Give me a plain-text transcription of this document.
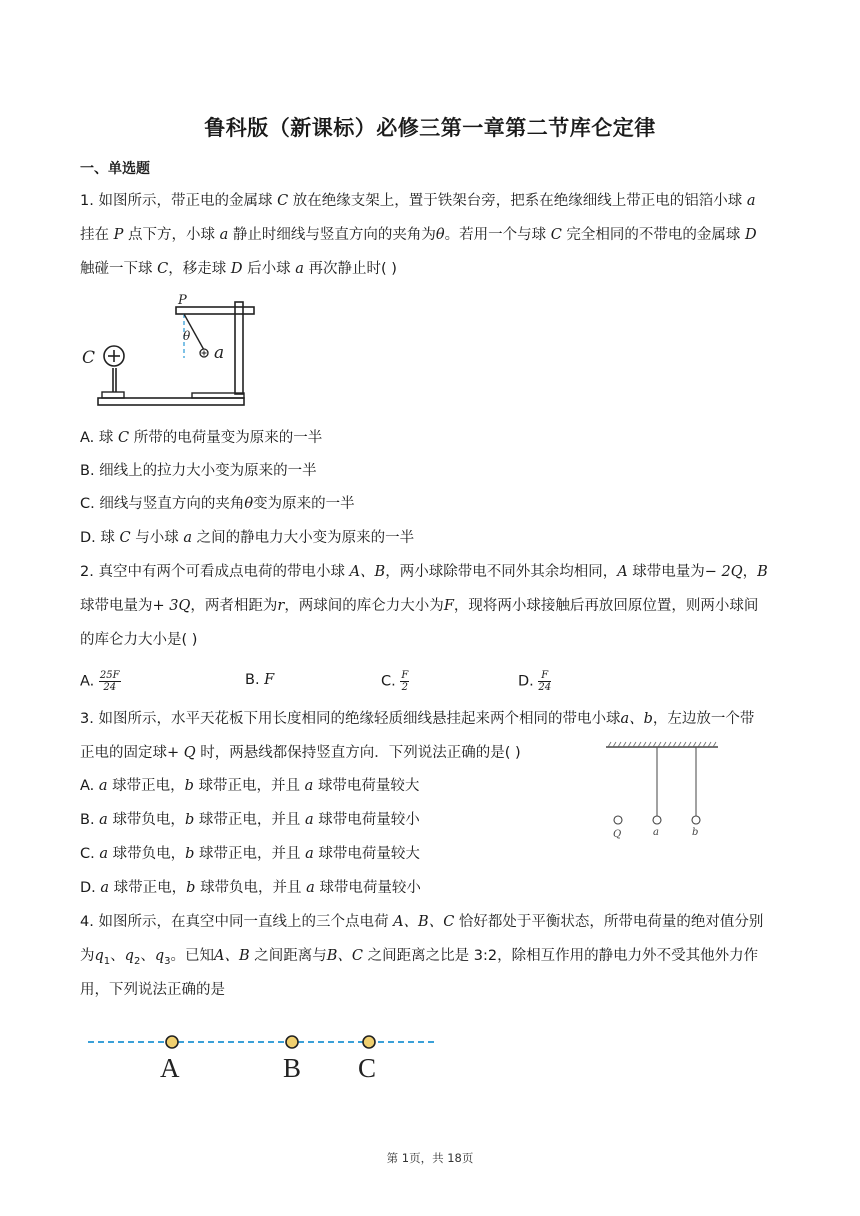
鲁科版（新课标）必修三第一章第二节库仑定律
一、单选题
1. 如图所示，带正电的金属球 C 放在绝缘支架上，置于铁架台旁，把系在绝缘细线上带正电的铝箔小球 a
挂在 P 点下方，小球 a 静止时细线与竖直方向的夹角为θ。若用一个与球 C 完全相同的不带电的金属球 D
触碰一下球 C，移走球 D 后小球 a 再次静止时( )
C
P
θ
a
A. 球 C 所带的电荷量变为原来的一半
B. 细线上的拉力大小变为原来的一半
C. 细线与竖直方向的夹角θ变为原来的一半
D. 球 C 与小球 a 之间的静电力大小变为原来的一半
2. 真空中有两个可看成点电荷的带电小球 A、B，两小球除带电不同外其余均相同，A 球带电量为− 2Q，B
球带电量为+ 3Q，两者相距为r，两球间的库仑力大小为F，现将两小球接触后再放回原位置，则两小球间
的库仑力大小是( )
A. $\frac{25F}{24}$	B. F	C. $\frac{F}{2}$	D. $\frac{F}{24}$
3. 如图所示，水平天花板下用长度相同的绝缘轻质细线悬挂起来两个相同的带电小球a、b，左边放一个带
正电的固定球+ Q 时，两悬线都保持竖直方向．下列说法正确的是( )
A. a 球带正电，b 球带正电，并且 a 球带电荷量较大
B. a 球带负电，b 球带正电，并且 a 球带电荷量较小
C. a 球带负电，b 球带正电，并且 a 球带电荷量较大
D. a 球带正电，b 球带负电，并且 a 球带电荷量较小
Q	a	b
4. 如图所示，在真空中同一直线上的三个点电荷 A、B、C 恰好都处于平衡状态，所带电荷量的绝对值分别
为$q_1$、$q_2$、$q_3$。已知A、B 之间距离与B、C 之间距离之比是 3:2，除相互作用的静电力外不受其他外力作
用，下列说法正确的是
A	B C
第 1页，共 18页
